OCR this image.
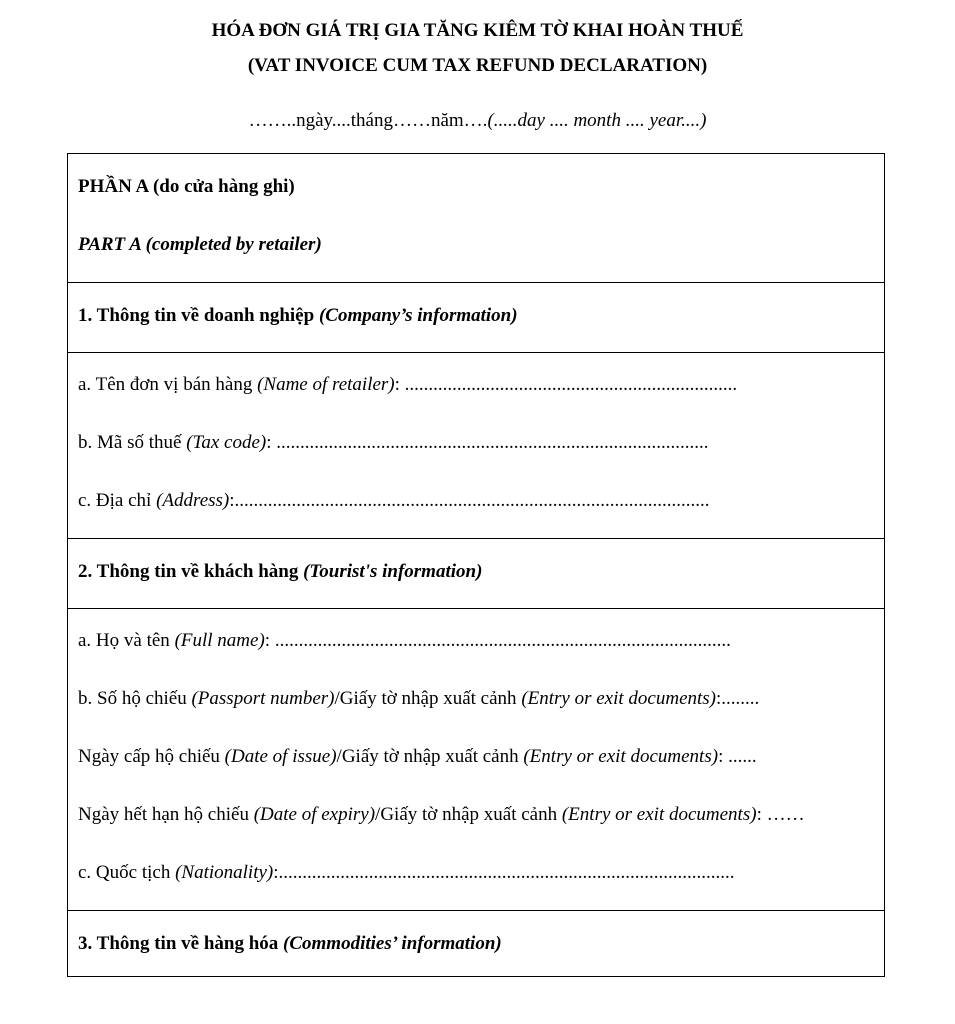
HÓA ĐƠN GIÁ TRỊ GIA TĂNG KIÊM TỜ KHAI HOÀN THUẾ
(VAT INVOICE CUM TAX REFUND DECLARATION)
……..ngày....tháng……năm….(.....day .... month .... year....)
PHẦN A (do cửa hàng ghi)
PART A (completed by retailer)
1. Thông tin về doanh nghiệp (Company’s information)
a. Tên đơn vị bán hàng (Name of retailer): ......................................................................
b. Mã số thuế (Tax code): ...........................................................................................
c. Địa chỉ (Address):....................................................................................................
2. Thông tin về khách hàng (Tourist's information)
a. Họ và tên (Full name): ................................................................................................
b. Số hộ chiếu (Passport number)/Giấy tờ nhập xuất cảnh (Entry or exit documents):........
Ngày cấp hộ chiếu (Date of issue)/Giấy tờ nhập xuất cảnh (Entry or exit documents): ......
Ngày hết hạn hộ chiếu (Date of expiry)/Giấy tờ nhập xuất cảnh (Entry or exit documents): ……
c. Quốc tịch (Nationality):................................................................................................
3. Thông tin về hàng hóa (Commodities’ information)
